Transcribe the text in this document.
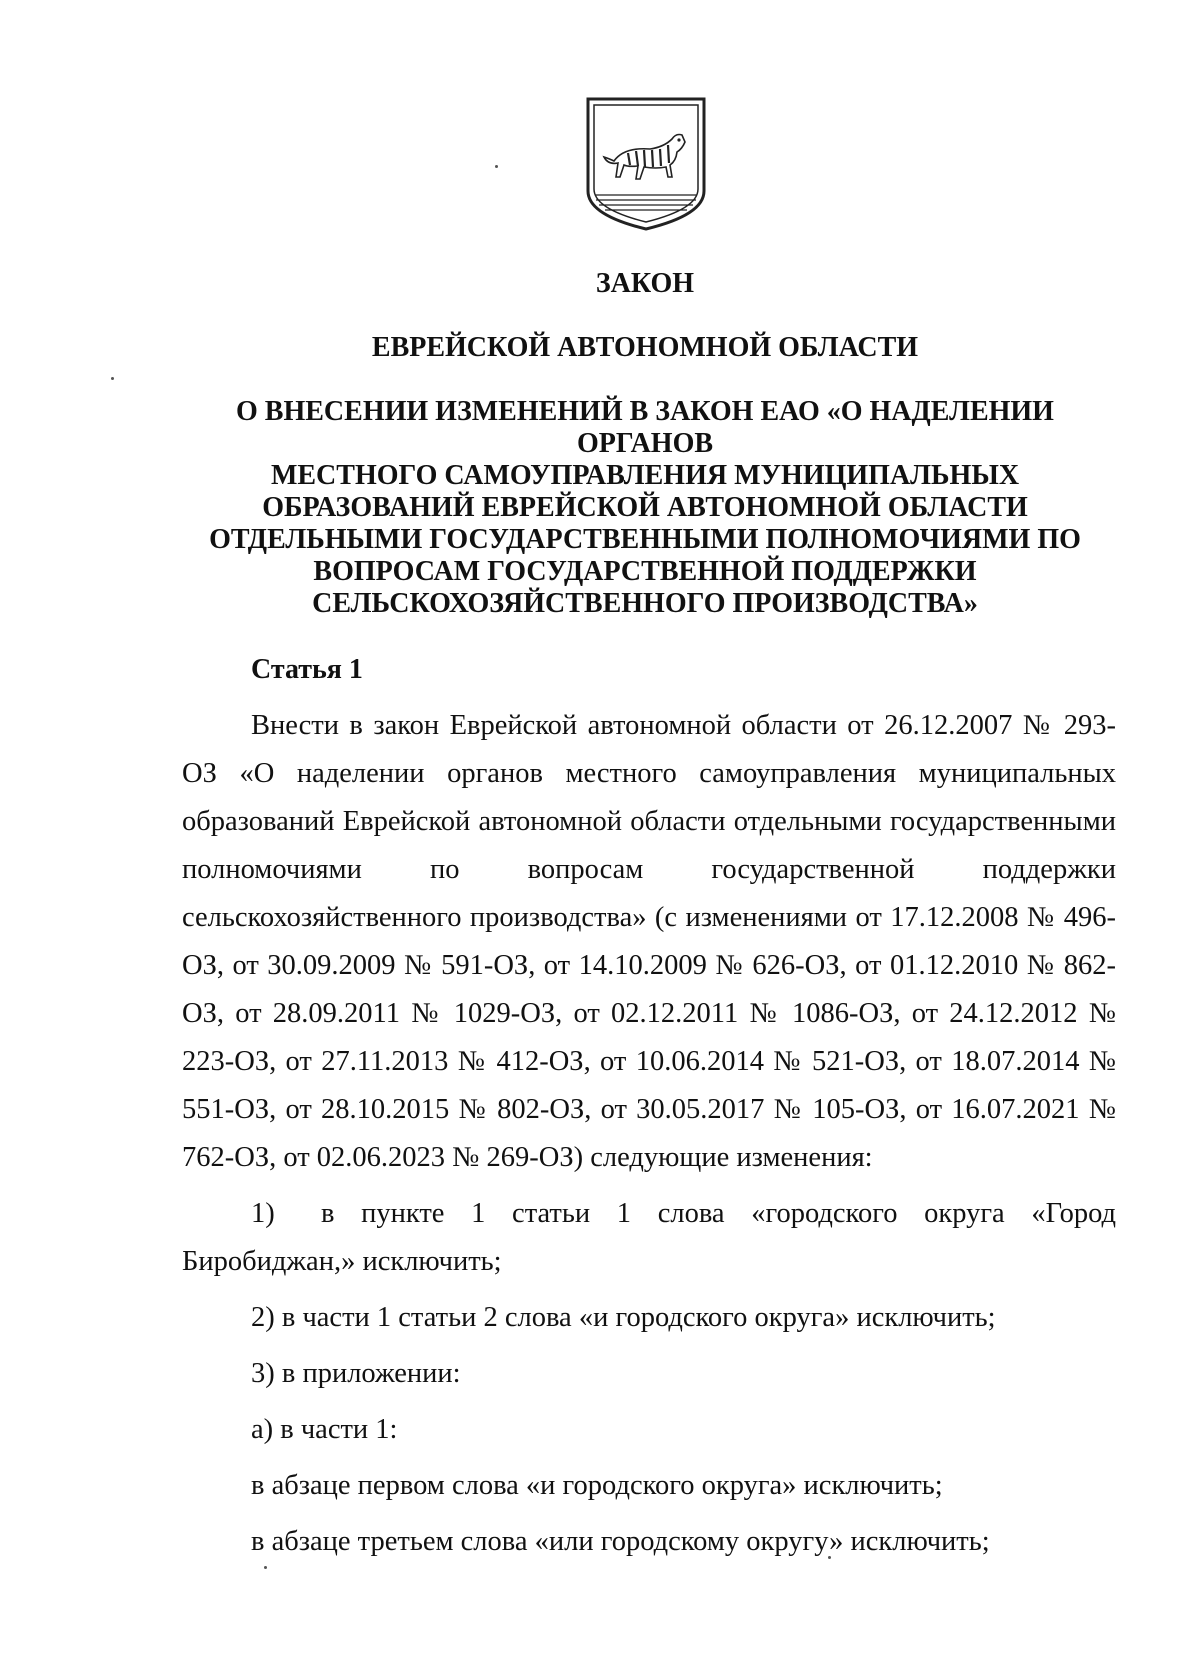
ЗАКОН
ЕВРЕЙСКОЙ АВТОНОМНОЙ ОБЛАСТИ
О ВНЕСЕНИИ ИЗМЕНЕНИЙ В ЗАКОН ЕАО «О НАДЕЛЕНИИ ОРГАНОВ
МЕСТНОГО САМОУПРАВЛЕНИЯ МУНИЦИПАЛЬНЫХ
ОБРАЗОВАНИЙ ЕВРЕЙСКОЙ АВТОНОМНОЙ ОБЛАСТИ
ОТДЕЛЬНЫМИ ГОСУДАРСТВЕННЫМИ ПОЛНОМОЧИЯМИ ПО
ВОПРОСАМ ГОСУДАРСТВЕННОЙ ПОДДЕРЖКИ
СЕЛЬСКОХОЗЯЙСТВЕННОГО ПРОИЗВОДСТВА»
Статья 1

Внести в закон Еврейской автономной области от 26.12.2007 № 293-ОЗ «О наделении органов местного самоуправления муниципальных образований Еврейской автономной области отдельными государственными полномочиями по вопросам государственной поддержки сельскохозяйственного производства» (с изменениями от 17.12.2008 № 496-ОЗ, от 30.09.2009 № 591-ОЗ, от 14.10.2009 № 626-ОЗ, от 01.12.2010 № 862-ОЗ, от 28.09.2011 № 1029-ОЗ, от 02.12.2011 № 1086-ОЗ, от 24.12.2012 № 223-ОЗ, от 27.11.2013 № 412-ОЗ, от 10.06.2014 № 521-ОЗ, от 18.07.2014 № 551-ОЗ, от 28.10.2015 № 802-ОЗ, от 30.05.2017 № 105-ОЗ, от 16.07.2021 № 762-ОЗ, от 02.06.2023 № 269-ОЗ) следующие изменения:

1) в пункте 1 статьи 1 слова «городского округа «Город Биробиджан,» исключить;

2) в части 1 статьи 2 слова «и городского округа» исключить;

3) в приложении:

а) в части 1:

в абзаце первом слова «и городского округа» исключить;

в абзаце третьем слова «или городскому округу» исключить;
